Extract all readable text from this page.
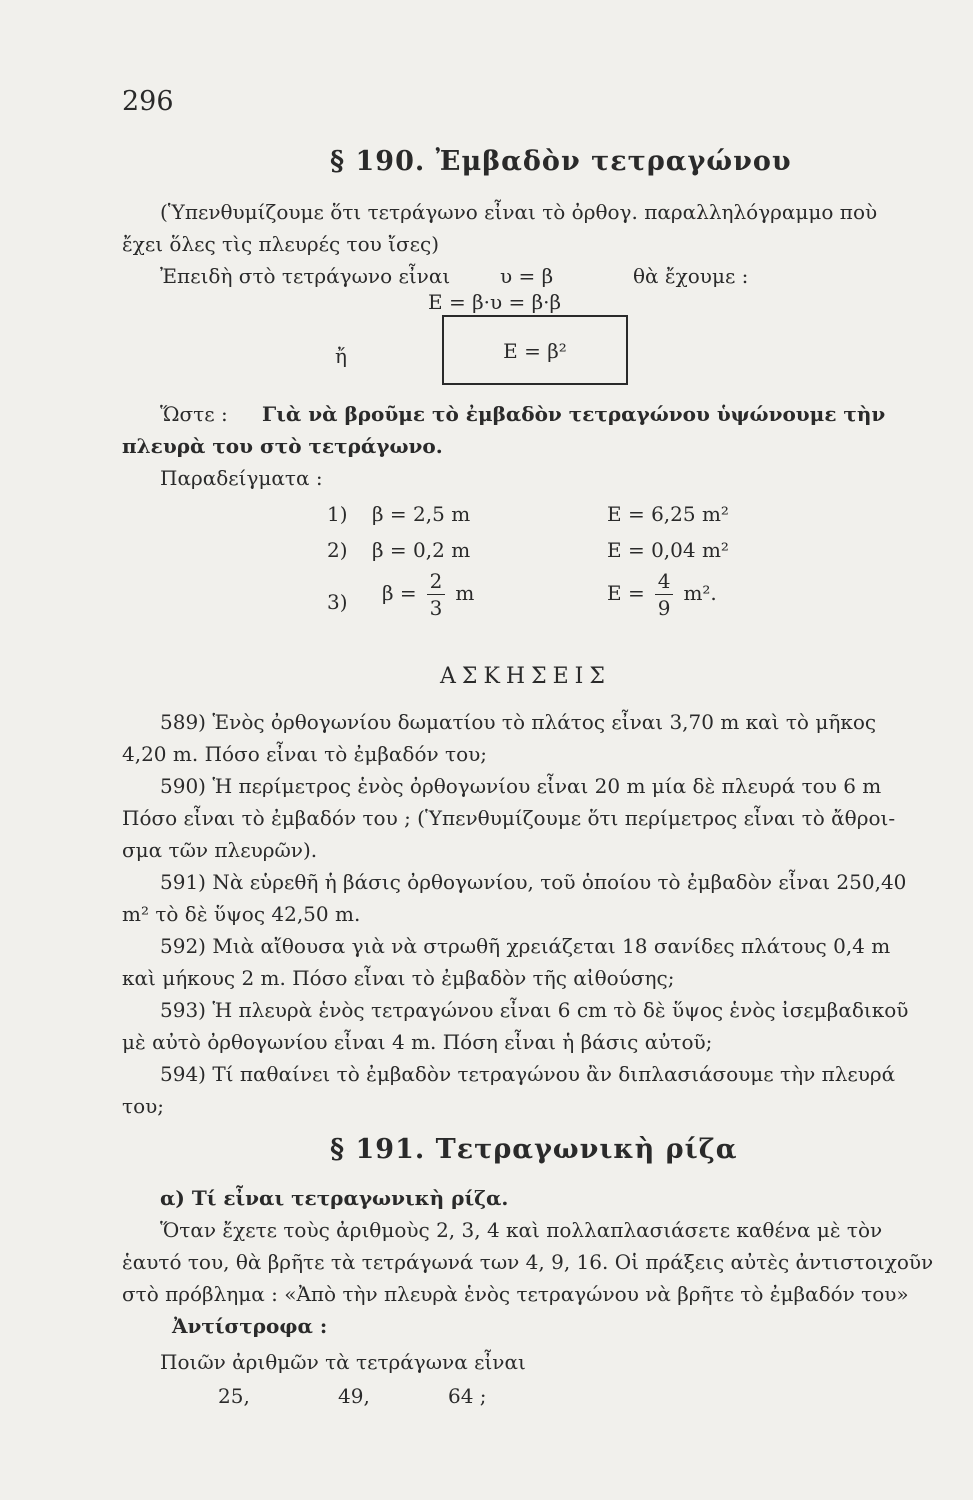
296
§ 190. Ἐμβαδὸν τετραγώνου
(Ὑπενθυμίζουμε ὅτι τετράγωνο εἶναι τὸ ὀρθογ. παραλληλόγραμμο ποὺ
ἔχει ὅλες τὶς πλευρές του ἴσες)
Ἐπειδὴ στὸ τετράγωνο εἶναι υ = β	θὰ ἔχουμε :
Ε = β·υ = β·β
ἤ	Ε = β²
Ὥστε : Γιὰ νὰ βροῦμε τὸ ἐμβαδὸν τετραγώνου ὑψώνουμε τὴν
πλευρὰ του στὸ τετράγωνο.
Παραδείγματα :
1) β = 2,5 m	Ε = 6,25 m²
2) β = 0,2 m	Ε = 0,04 m²
3) $\beta = \frac{2}{3}$ m	$E = \frac{4}{9} m^2$.
ΑΣΚΗΣΕΙΣ
589) Ἑνὸς ὀρθογωνίου δωματίου τὸ πλάτος εἶναι 3,70 m καὶ τὸ μῆκος
4,20 m. Πόσο εἶναι τὸ ἐμβαδόν του;
590) Ἡ περίμετρος ἑνὸς ὀρθογωνίου εἶναι 20 m μία δὲ πλευρά του 6 m
Πόσο εἶναι τὸ ἐμβαδόν του ; (Ὑπενθυμίζουμε ὅτι περίμετρος εἶναι τὸ ἄθροι-
σμα τῶν πλευρῶν).
591) Νὰ εὑρεθῆ ἡ βάσις ὀρθογωνίου, τοῦ ὁποίου τὸ ἐμβαδὸν εἶναι 250,40
m² τὸ δὲ ὕψος 42,50 m.
592) Μιὰ αἴθουσα γιὰ νὰ στρωθῆ χρειάζεται 18 σανίδες πλάτους 0,4 m
καὶ μήκους 2 m. Πόσο εἶναι τὸ ἐμβαδὸν τῆς αἰθούσης;
593) Ἡ πλευρὰ ἑνὸς τετραγώνου εἶναι 6 cm τὸ δὲ ὕψος ἑνὸς ἰσεμβαδικοῦ
μὲ αὐτὸ ὀρθογωνίου εἶναι 4 m. Πόση εἶναι ἡ βάσις αὐτοῦ;
594) Τί παθαίνει τὸ ἐμβαδὸν τετραγώνου ἂν διπλασιάσουμε τὴν πλευρά
του;
§ 191. Τετραγωνικὴ ρίζα
α) Τί εἶναι τετραγωνικὴ ρίζα.
Ὅταν ἔχετε τοὺς ἀριθμοὺς 2, 3, 4 καὶ πολλαπλασιάσετε καθένα μὲ τὸν
ἑαυτό του, θὰ βρῆτε τὰ τετράγωνά των 4, 9, 16. Οἱ πράξεις αὐτὲς ἀντιστοιχοῦν
στὸ πρόβλημα : «Ἀπὸ τὴν πλευρὰ ἑνὸς τετραγώνου νὰ βρῆτε τὸ ἐμβαδόν του»
Ἀντίστροφα :
Ποιῶν ἀριθμῶν τὰ τετράγωνα εἶναι
25,	49,	64 ;
